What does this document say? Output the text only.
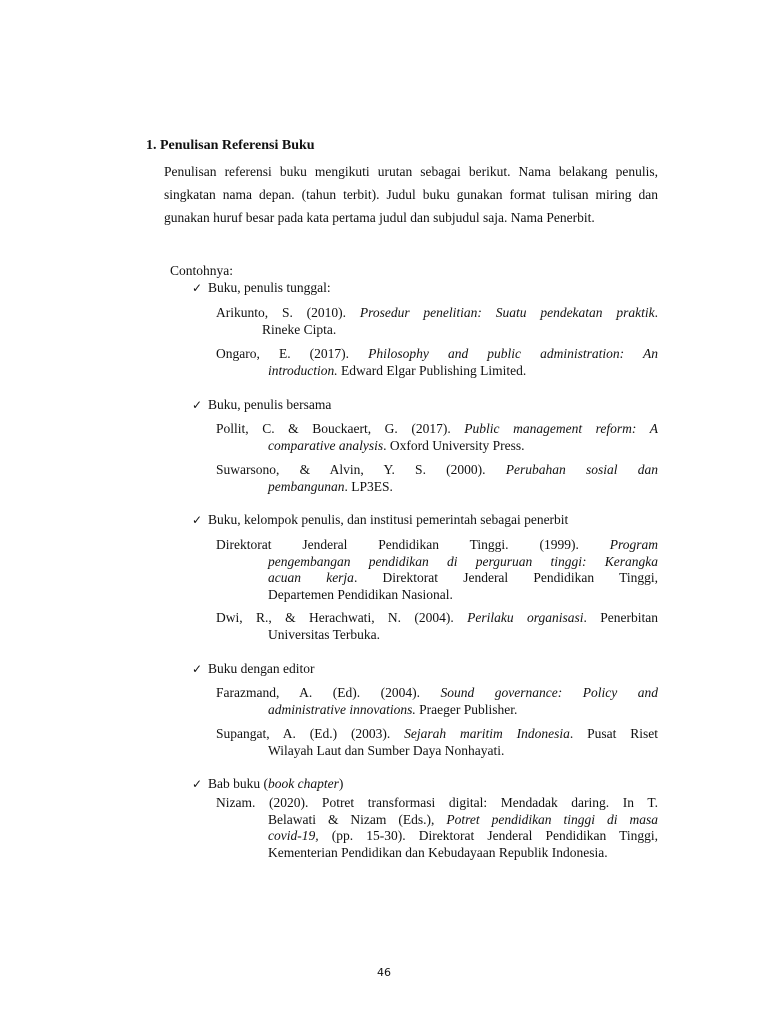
1. Penulisan Referensi Buku
Penulisan referensi buku mengikuti urutan sebagai berikut. Nama belakang penulis, singkatan nama depan. (tahun terbit). Judul buku gunakan format tulisan miring dan gunakan huruf besar pada kata pertama judul dan subjudul saja. Nama Penerbit.
Contohnya:
✓ Buku, penulis tunggal:
Arikunto, S. (2010). Prosedur penelitian: Suatu pendekatan praktik.
Rineke Cipta.
Ongaro, E. (2017). Philosophy and public administration: An
introduction. Edward Elgar Publishing Limited.
✓ Buku, penulis bersama
Pollit, C. & Bouckaert, G. (2017). Public management reform: A
comparative analysis. Oxford University Press.
Suwarsono, & Alvin, Y. S. (2000). Perubahan sosial dan
pembangunan. LP3ES.
✓ Buku, kelompok penulis, dan institusi pemerintah sebagai penerbit
Direktorat Jenderal Pendidikan Tinggi. (1999). Program
pengembangan pendidikan di perguruan tinggi: Kerangka
acuan kerja. Direktorat Jenderal Pendidikan Tinggi,
Departemen Pendidikan Nasional.
Dwi, R., & Herachwati, N. (2004). Perilaku organisasi. Penerbitan
Universitas Terbuka.
✓ Buku dengan editor
Farazmand, A. (Ed). (2004). Sound governance: Policy and
administrative innovations. Praeger Publisher.
Supangat, A. (Ed.) (2003). Sejarah maritim Indonesia. Pusat Riset
Wilayah Laut dan Sumber Daya Nonhayati.
✓ Bab buku (book chapter)
Nizam. (2020). Potret transformasi digital: Mendadak daring. In T.
Belawati & Nizam (Eds.), Potret pendidikan tinggi di masa
covid-19, (pp. 15-30). Direktorat Jenderal Pendidikan Tinggi,
Kementerian Pendidikan dan Kebudayaan Republik Indonesia.
46
